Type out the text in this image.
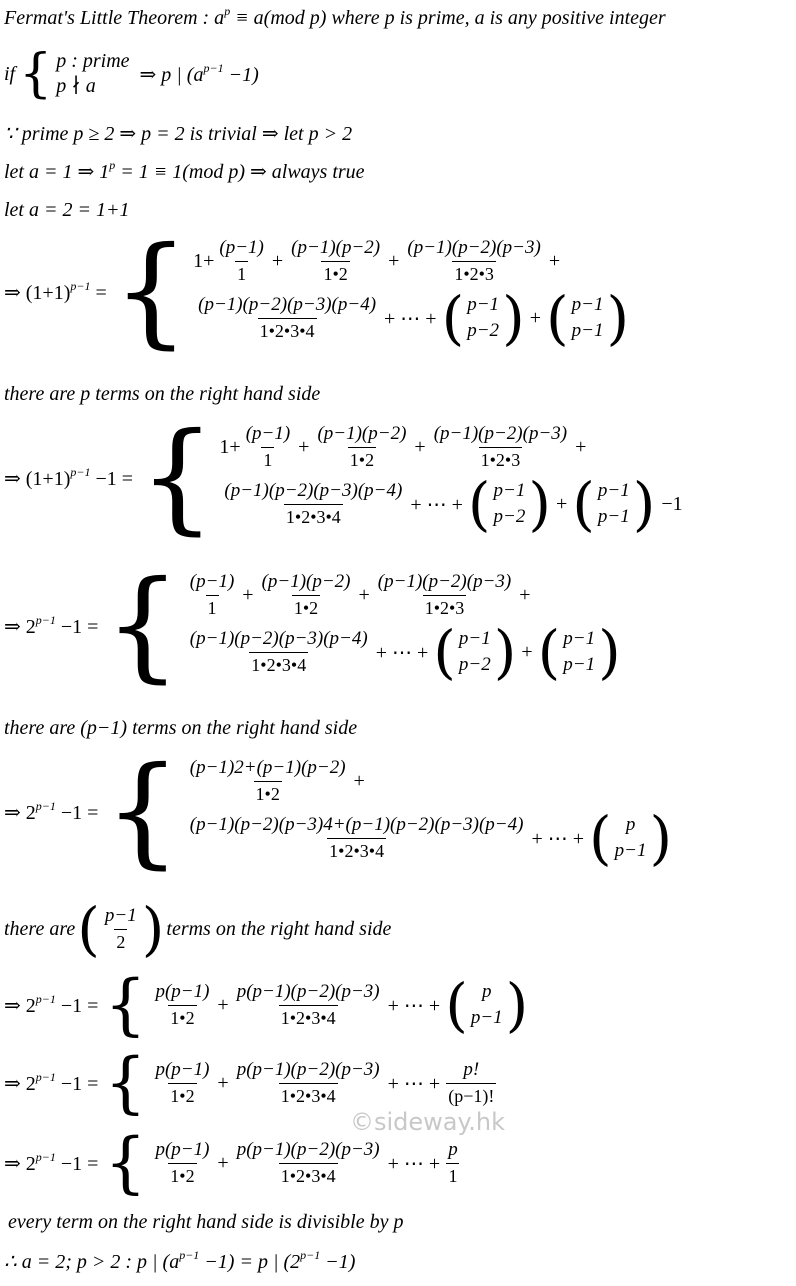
Fermat's Little Theorem : $a^p \equiv a(mod$ p) where p is prime, a is any positive integer
if { p : prime
p ∤ a
⇒ p | $(a^{p-1} -1)$
∵ prime p ≥ 2 ⇒ p = 2 is trivial ⇒ let p > 2
let a = 1 ⇒ $1^p = 1 \equiv 1(mod$ p) ⇒ always true
let a = 2 = 1+1
⇒ $(1+1)^{p-1}$ = { $1+ \frac{(p-1)}{1} + \frac{(p-1)(p-2)}{1•2} + \frac{(p-1)(p-2)(p-3)}{1•2•3}$ +
$\frac{(p-1)(p-2)(p-3)(p-4)}{1•2•3•4}$ + ⋯ + ( p−1
p−2 ) + ( p−1
p−1 )
there are p terms on the right hand side
⇒ $(1+1)^{p-1} -1$ = { $1+ \frac{(p-1)}{1} + \frac{(p-1)(p-2)}{1•2} + \frac{(p-1)(p-2)(p-3)}{1•2•3}$ +
$\frac{(p-1)(p-2)(p-3)(p-4)}{1•2•3•4}$ + ⋯ + ( p−1
p−2 ) + ( p−1
p−1 ) −1
⇒ $2^{p-1} -1$ = { $\frac{(p-1)}{1} + \frac{(p-1)(p-2)}{1•2} + \frac{(p-1)(p-2)(p-3)}{1•2•3}$ +
$\frac{(p-1)(p-2)(p-3)(p-4)}{1•2•3•4}$ + ⋯ + ( p−1
p−2 ) + ( p−1
p−1 )
there are (p−1) terms on the right hand side
⇒ $2^{p-1} -1$ = { $\frac{(p-1)2+(p-1)(p-2)}{1•2}$ +
$\frac{(p-1)(p-2)(p-3)4+(p-1)(p-2)(p-3)(p-4)}{1•2•3•4}$ + ⋯ + ( p
p−1 )
there are ( $\frac{p-1}{2}$ ) terms on the right hand side
⇒ $2^{p-1} -1$ = { $\frac{p(p-1)}{1•2} + \frac{p(p-1)(p-2)(p-3)}{1•2•3•4}$ + ⋯ + ( p
p−1 )
⇒ $2^{p-1} -1$ = { $\frac{p(p-1)}{1•2} + \frac{p(p-1)(p-2)(p-3)}{1•2•3•4}$ + ⋯ + $\frac{p!}{(p-1)!}$
⇒ $2^{p-1} -1$ = { $\frac{p(p-1)}{1•2} + \frac{p(p-1)(p-2)(p-3)}{1•2•3•4}$ + ⋯ + $\frac{p}{1}$
every term on the right hand side is divisible by p
∴ a = 2; p > 2 : p | $(a^{p-1} -1) = p$ | $(2^{p-1} -1)$
©sideway.hk
